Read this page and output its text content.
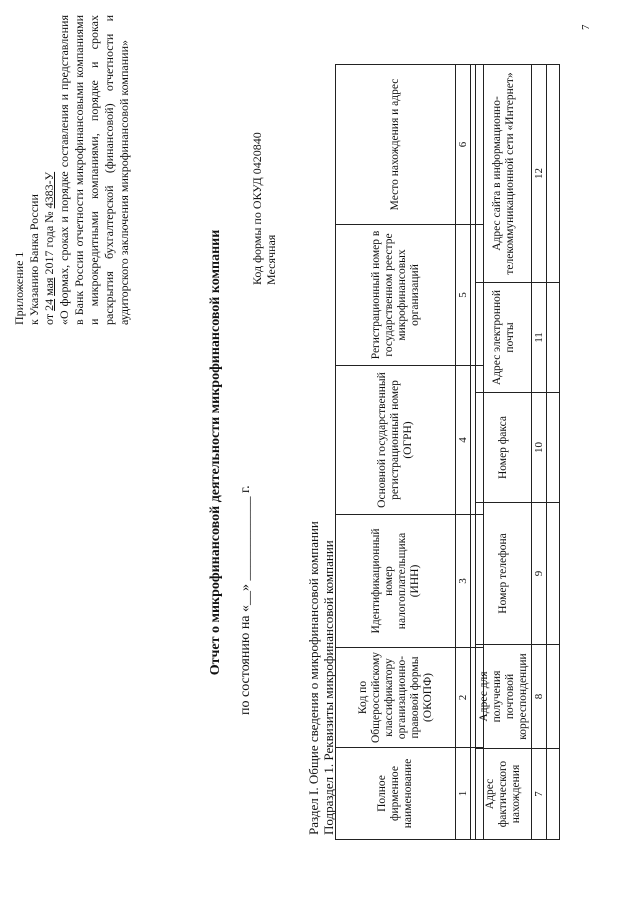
Приложение 1 к Указанию Банка России от 24 мая 2017 года № 4383-У «О формах, сроках и порядке составления и представления в Банк России отчетности микрофинансовыми компаниями и микрокредитными компаниями, порядке и сроках раскрытия бухгалтерской (финансовой) отчетности и аудиторского заключения микрофинансовой компании»

Отчет о микрофинансовой деятельности микрофинансовой компании по состоянию на «__» ____________ г.
Код формы по ОКУД 0420840 Месячная
Раздел I. Общие сведения о микрофинансовой компании Подраздел 1. Реквизиты микрофинансовой компании	Полное фирменное наименование	Код по Общероссийскому классификатору организационно-правовой формы (ОКОПФ)	Идентификационный номер налогоплательщика (ИНН)	Основной государственный регистрационный номер (ОГРН)	Регистрационный номер в государственном реестре микрофинансовых организаций	Место нахождения и адрес
1	2	3	4	5	6

Адрес фактического нахождения	Адрес для получения почтовой корреспонденции	Номер телефона	Номер факса	Адрес электронной почты	Адрес сайта в информационно-телекоммуникационной сети «Интернет»
7	8	9	10	11	12

7
